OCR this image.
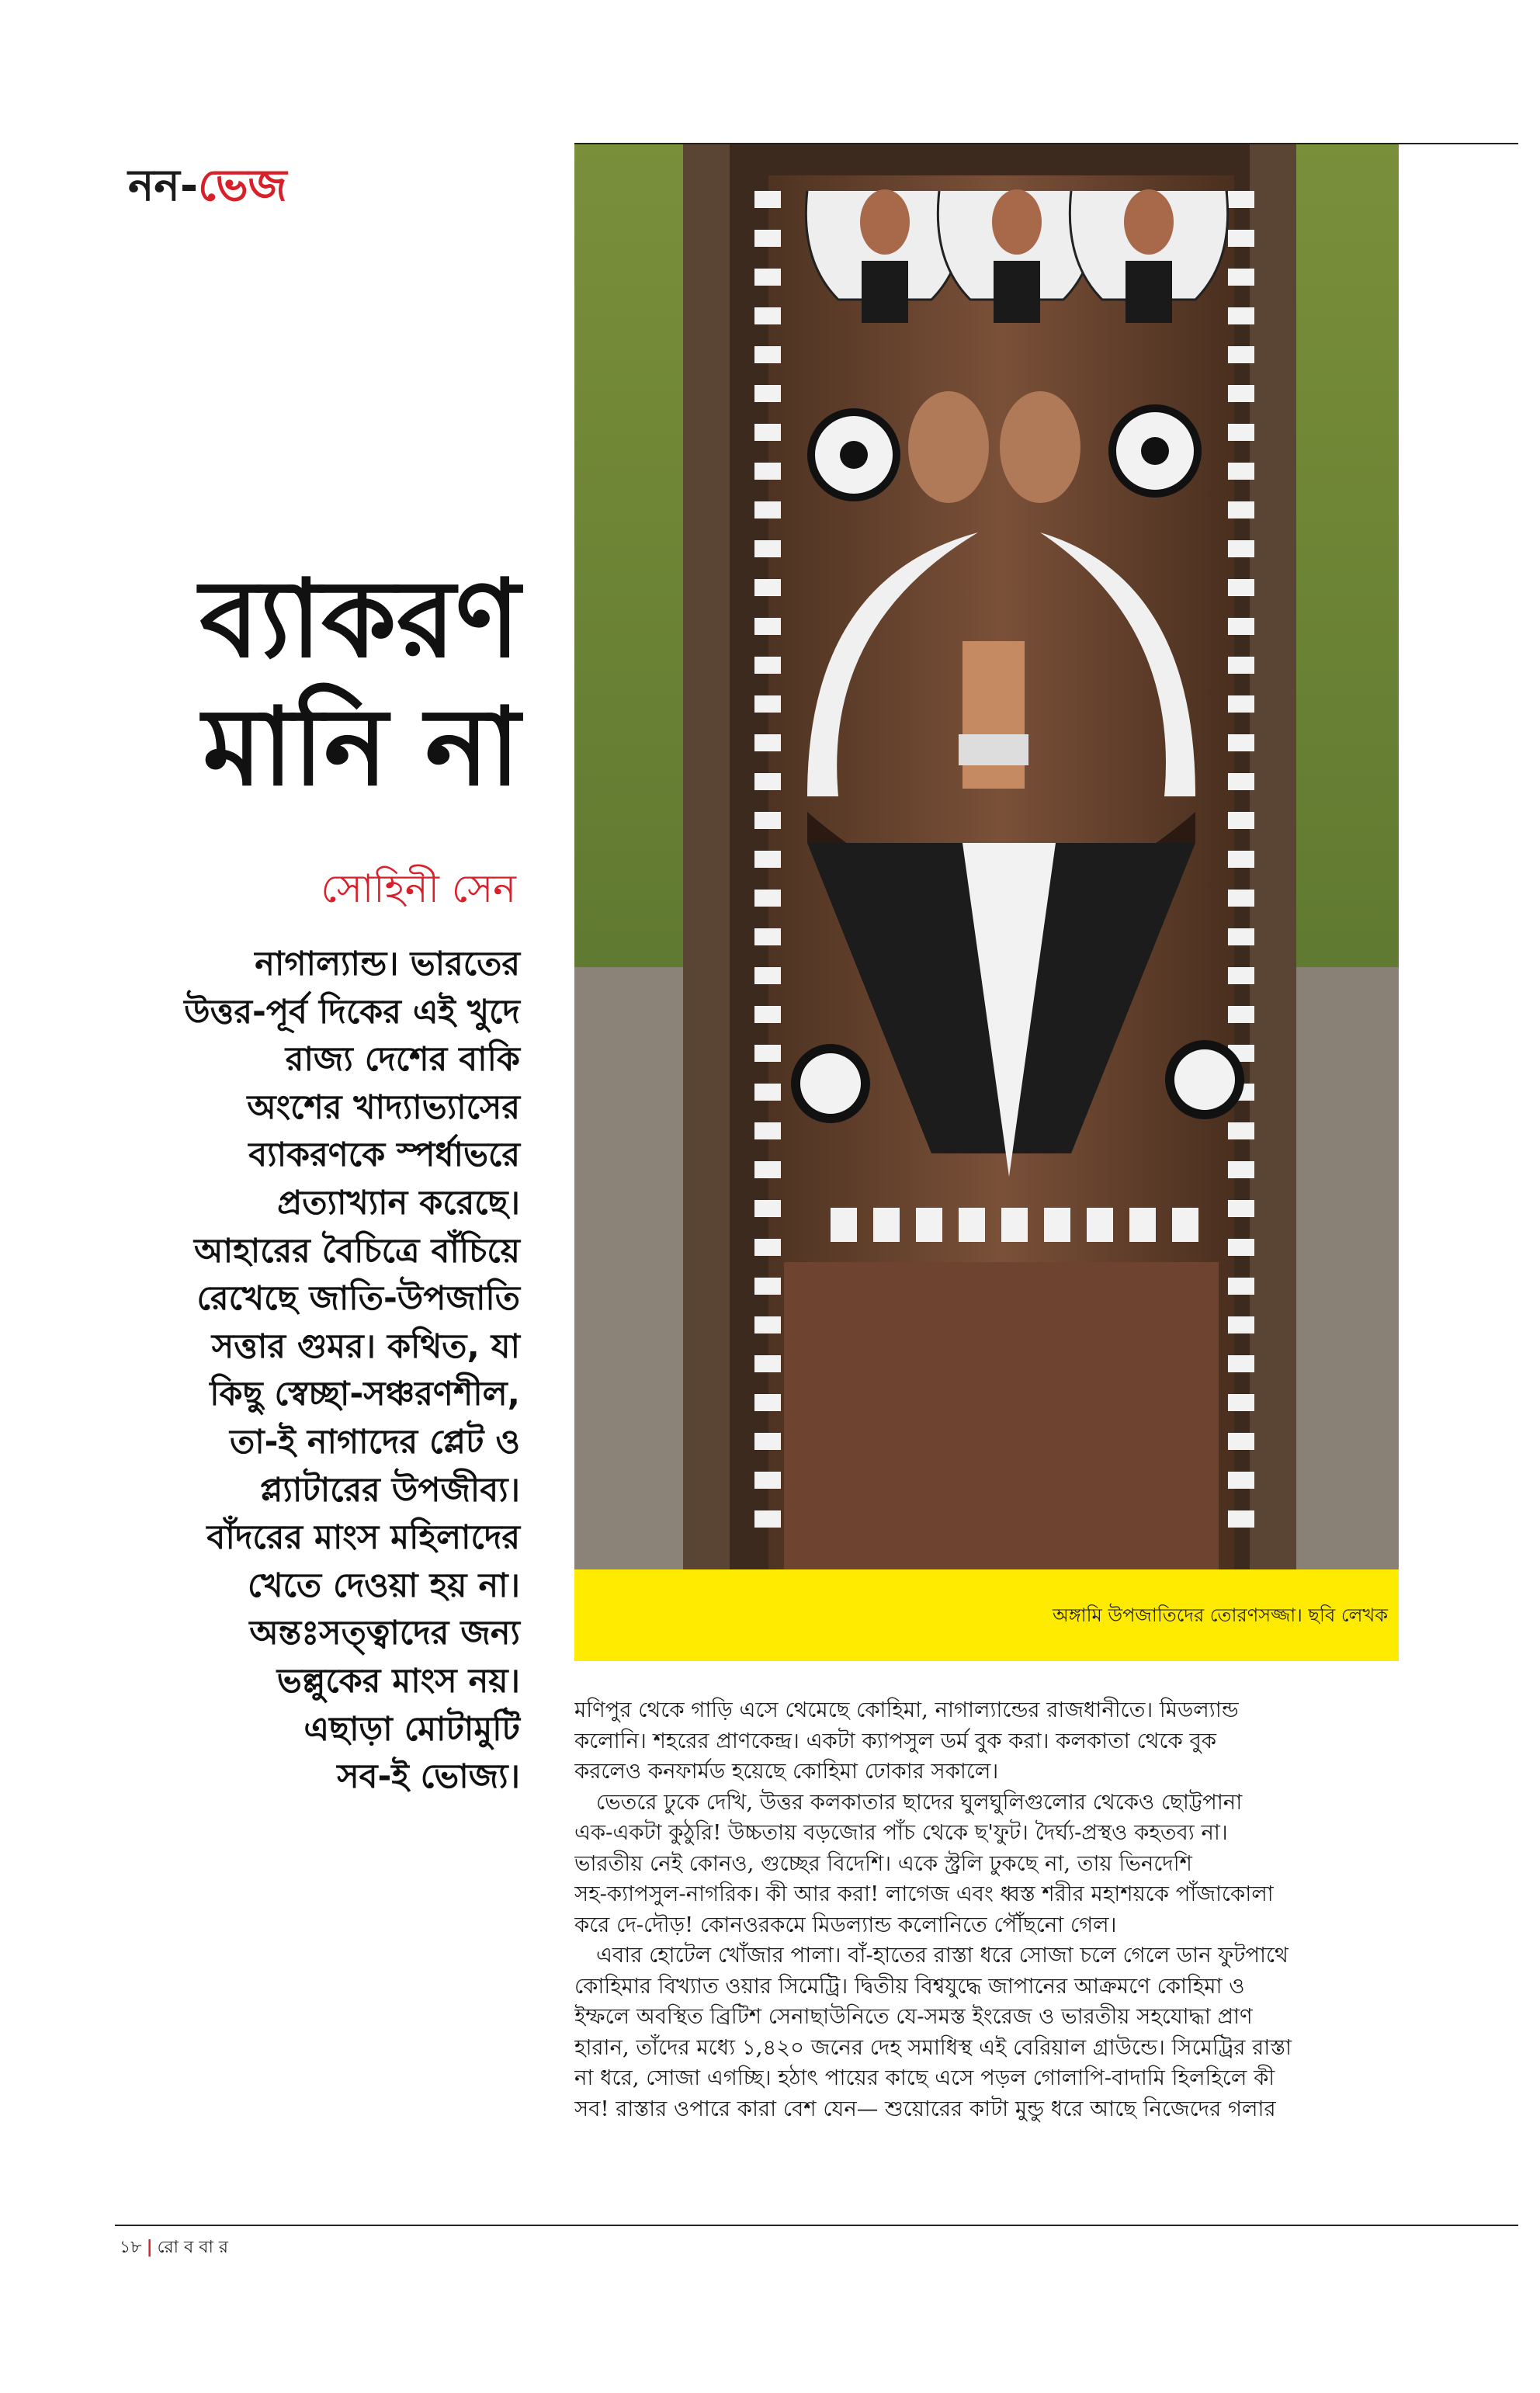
নন-ভেজ
ব্যাকরণ
মানি না
সোহিনী সেন
নাগাল্যান্ড। ভারতের
উত্তর-পূর্ব দিকের এই খুদে
রাজ্য দেশের বাকি
অংশের খাদ্যাভ্যাসের
ব্যাকরণকে স্পর্ধাভরে
প্রত্যাখ্যান করেছে।
আহারের বৈচিত্রে বাঁচিয়ে
রেখেছে জাতি-উপজাতি
সত্তার গুমর। কথিত, যা
কিছু স্বেচ্ছা-সঞ্চরণশীল,
তা-ই নাগাদের প্লেট ও
প্ল্যাটারের উপজীব্য।
বাঁদরের মাংস মহিলাদের
খেতে দেওয়া হয় না।
অন্তঃসত্ত্বাদের জন্য
ভল্লুকের মাংস নয়।
এছাড়া মোটামুটি
সব-ই ভোজ্য।
অঙ্গামি উপজাতিদের তোরণসজ্জা। ছবি লেখক
মণিপুর থেকে গাড়ি এসে থেমেছে কোহিমা, নাগাল্যান্ডের রাজধানীতে। মিডল্যান্ড
কলোনি। শহরের প্রাণকেন্দ্র। একটা ক্যাপসুল ডর্ম বুক করা। কলকাতা থেকে বুক
করলেও কনফার্মড হয়েছে কোহিমা ঢোকার সকালে।
ভেতরে ঢুকে দেখি, উত্তর কলকাতার ছাদের ঘুলঘুলিগুলোর থেকেও ছোট্টপানা
এক-একটা কুঠুরি! উচ্চতায় বড়জোর পাঁচ থেকে ছ'ফুট। দৈর্ঘ্য-প্রস্থও কহতব্য না।
ভারতীয় নেই কোনও, গুচ্ছের বিদেশি। একে স্ট্রলি ঢুকছে না, তায় ভিনদেশি
সহ-ক্যাপসুল-নাগরিক। কী আর করা! লাগেজ এবং ধ্বস্ত শরীর মহাশয়কে পাঁজাকোলা
করে দে-দৌড়! কোনওরকমে মিডল্যান্ড কলোনিতে পৌঁছনো গেল।
এবার হোটেল খোঁজার পালা। বাঁ-হাতের রাস্তা ধরে সোজা চলে গেলে ডান ফুটপাথে
কোহিমার বিখ্যাত ওয়ার সিমেট্রি। দ্বিতীয় বিশ্বযুদ্ধে জাপানের আক্রমণে কোহিমা ও
ইম্ফলে অবস্থিত ব্রিটিশ সেনাছাউনিতে যে-সমস্ত ইংরেজ ও ভারতীয় সহযোদ্ধা প্রাণ
হারান, তাঁদের মধ্যে ১,৪২০ জনের দেহ সমাধিস্থ এই বেরিয়াল গ্রাউন্ডে। সিমেট্রির রাস্তা
না ধরে, সোজা এগচ্ছি। হঠাৎ পায়ের কাছে এসে পড়ল গোলাপি-বাদামি হিলহিলে কী
সব! রাস্তার ওপারে কারা বেশ যেন— শুয়োরের কাটা মুন্ডু ধরে আছে নিজেদের গলার
১৮ | রো ব বা র
